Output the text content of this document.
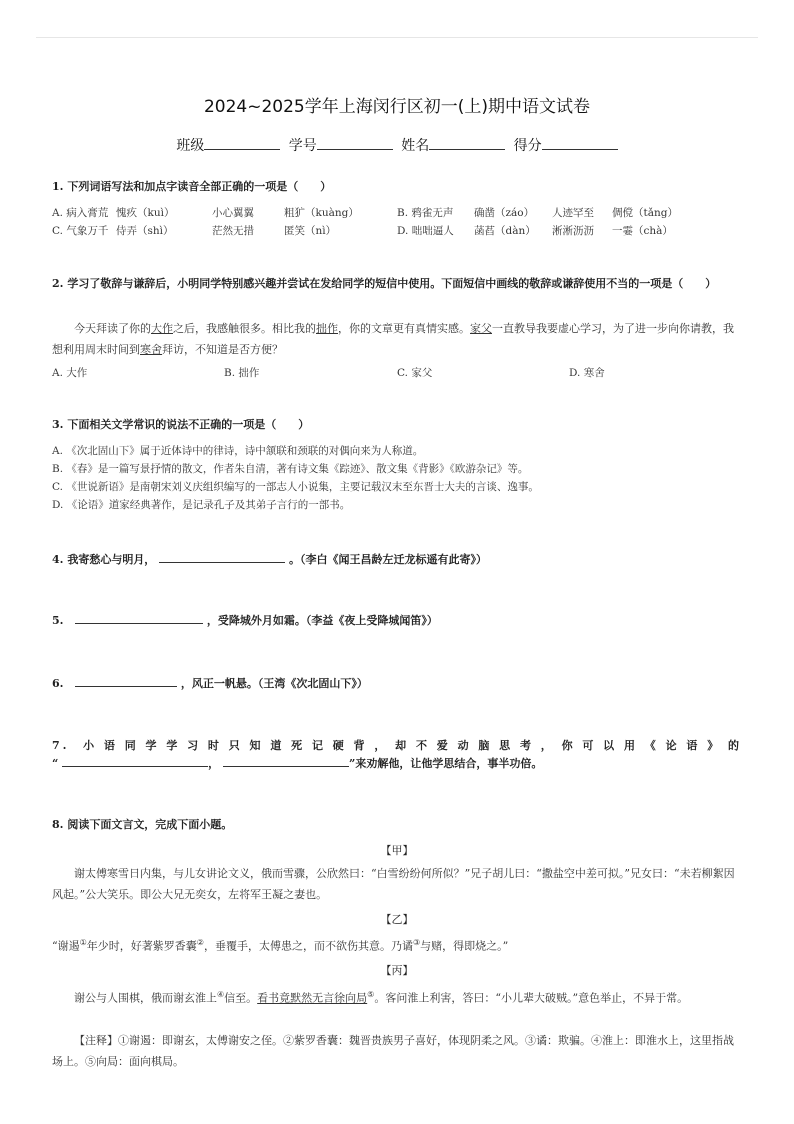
2024~2025学年上海闵行区初一(上)期中语文试卷
班级	学号	姓名	得分
1. 下列词语写法和加点字读音全部正确的一项是（　　）
A. 病入膏荒 愧疚（kuì）	小心翼翼	粗犷（kuàng）	B. 鸦雀无声 确凿（záo） 人迹罕至 倜傥（tǎng）
C. 气象万千 侍弄（shì）	茫然无措	匿笑（nì）	D. 咄咄逼人 菡萏（dàn） 淅淅沥沥 一霎（chà）
2. 学习了敬辞与谦辞后，小明同学特别感兴趣并尝试在发给同学的短信中使用。下面短信中画线的敬辞或谦辞使用不当的一项是（　　）
今天拜读了你的大作之后，我感触很多。相比我的拙作，你的文章更有真情实感。家父一直教导我要虚心学习，为了进一步向你请教，我想利用周末时间到寒舍拜访，不知道是否方便？
A. 大作	B. 拙作	C. 家父	D. 寒舍
3. 下面相关文学常识的说法不正确的一项是（　　）
A. 《次北固山下》属于近体诗中的律诗，诗中颔联和颈联的对偶向来为人称道。
B. 《春》是一篇写景抒情的散文，作者朱自清，著有诗文集《踪迹》、散文集《背影》《欧游杂记》等。
C. 《世说新语》是南朝宋刘义庆组织编写的一部志人小说集，主要记载汉末至东晋士大夫的言谈、逸事。
D. 《论语》道家经典著作，是记录孔子及其弟子言行的一部书。
4. 我寄愁心与明月，	。（李白《闻王昌龄左迁龙标遥有此寄》）
5.	，受降城外月如霜。（李益《夜上受降城闻笛》）
6.	，风正一帆悬。（王湾《次北固山下》）
7. 小语同学学习时只知道死记硬背，却不爱动脑思考，你可以用《论语》的
“	，	”来劝解他，让他学思结合，事半功倍。
8. 阅读下面文言文，完成下面小题。
【甲】
谢太傅寒雪日内集，与儿女讲论文义，俄而雪骤，公欣然曰：“白雪纷纷何所似？”兄子胡儿曰：“撒盐空中差可拟。”兄女曰：“未若柳絮因风起。”公大笑乐。即公大兄无奕女，左将军王凝之妻也。
【乙】
“谢遏①年少时，好著紫罗香囊②，垂覆手，太傅患之，而不欲伤其意。乃谲③与赌，得即烧之。”
【丙】
谢公与人围棋，俄而谢玄淮上④信至。看书竟默然无言徐向局⑤。客问淮上利害，答曰：“小儿辈大破贼。”意色举止，不异于常。
【注释】①谢遏：即谢玄，太傅谢安之侄。②紫罗香囊：魏晋贵族男子喜好，体现阴柔之风。③谲：欺骗。④淮上：即淮水上，这里指战场上。⑤向局：面向棋局。
